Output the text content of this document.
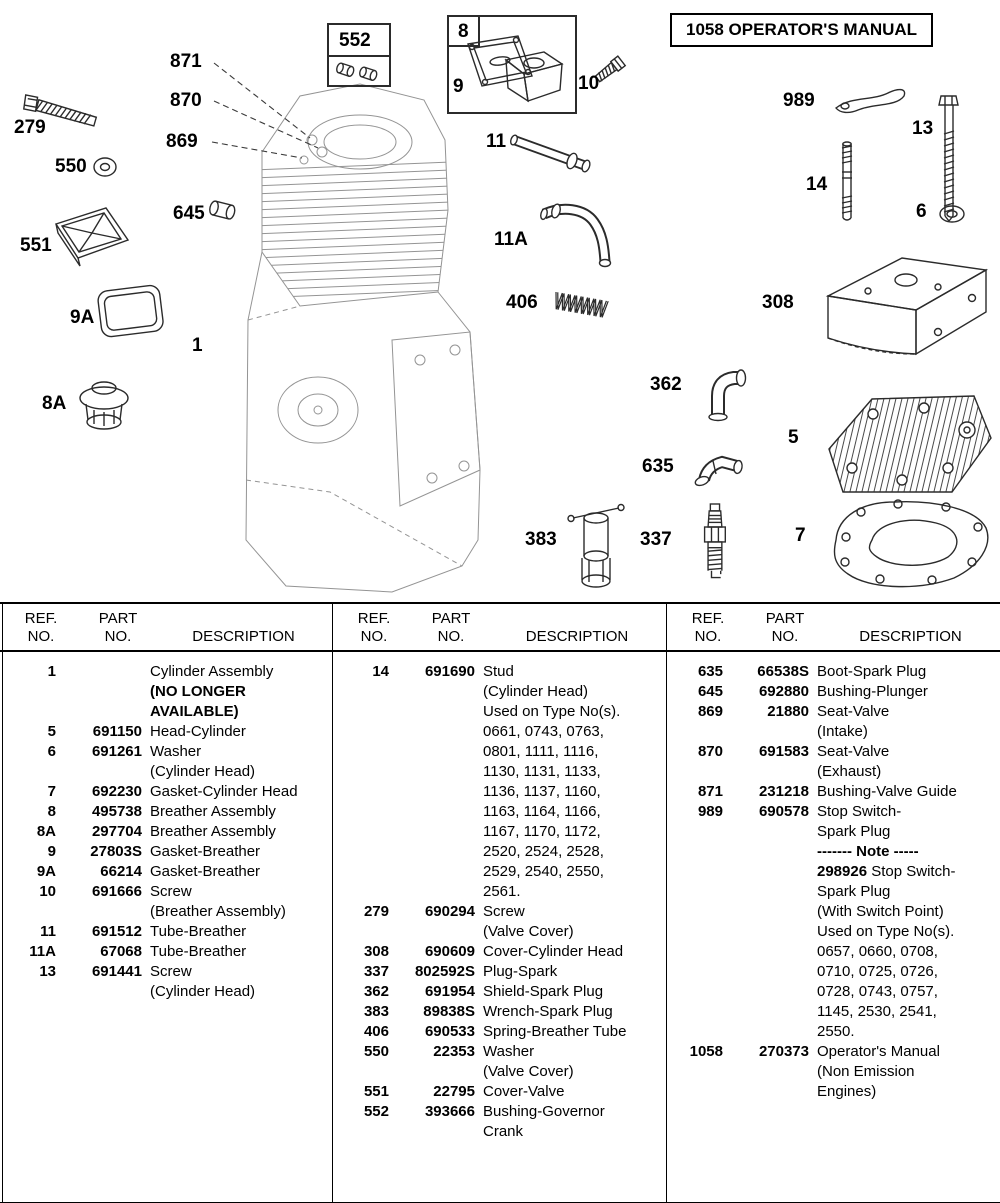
1058 OPERATOR'S MANUAL
871
870
869
279
550
551
9A
8A
645
1
552	8
9	10
11
11A
406
383
362
635
337
989
13
14
6
308
5
7
REF.
NO.
PART
NO.	DESCRIPTION
REF.
NO.
PART
NO.	DESCRIPTION
REF.
NO.
PART
NO.	DESCRIPTION
1	Cylinder Assembly
(NO LONGER
AVAILABLE)
5	691150 Head-Cylinder
6	691261 Washer
(Cylinder Head)
7	692230 Gasket-Cylinder Head
8	495738 Breather Assembly
8A	297704 Breather Assembly
9	27803S Gasket-Breather
9A	66214 Gasket-Breather
10	691666 Screw
(Breather Assembly)
11	691512 Tube-Breather
11A	67068 Tube-Breather
13	691441 Screw
(Cylinder Head)
14	691690 Stud
(Cylinder Head)
Used on Type No(s).
0661, 0743, 0763,
0801, 1111, 1116,
1130, 1131, 1133,
1136, 1137, 1160,
1163, 1164, 1166,
1167, 1170, 1172,
2520, 2524, 2528,
2529, 2540, 2550,
2561.
279	690294 Screw
(Valve Cover)
308	690609 Cover-Cylinder Head
337	802592S Plug-Spark
362	691954 Shield-Spark Plug
383	89838S Wrench-Spark Plug
406	690533 Spring-Breather Tube
550	22353 Washer
(Valve Cover)
551	22795 Cover-Valve
552	393666 Bushing-Governor
Crank
635	66538S Boot-Spark Plug
645	692880 Bushing-Plunger
869	21880 Seat-Valve
(Intake)
870	691583 Seat-Valve
(Exhaust)
871	231218 Bushing-Valve Guide
989	690578 Stop Switch-
Spark Plug
------- Note -----
298926 Stop Switch-
Spark Plug
(With Switch Point)
Used on Type No(s).
0657, 0660, 0708,
0710, 0725, 0726,
0728, 0743, 0757,
1145, 2530, 2541,
2550.
1058	270373 Operator's Manual
(Non Emission
Engines)
